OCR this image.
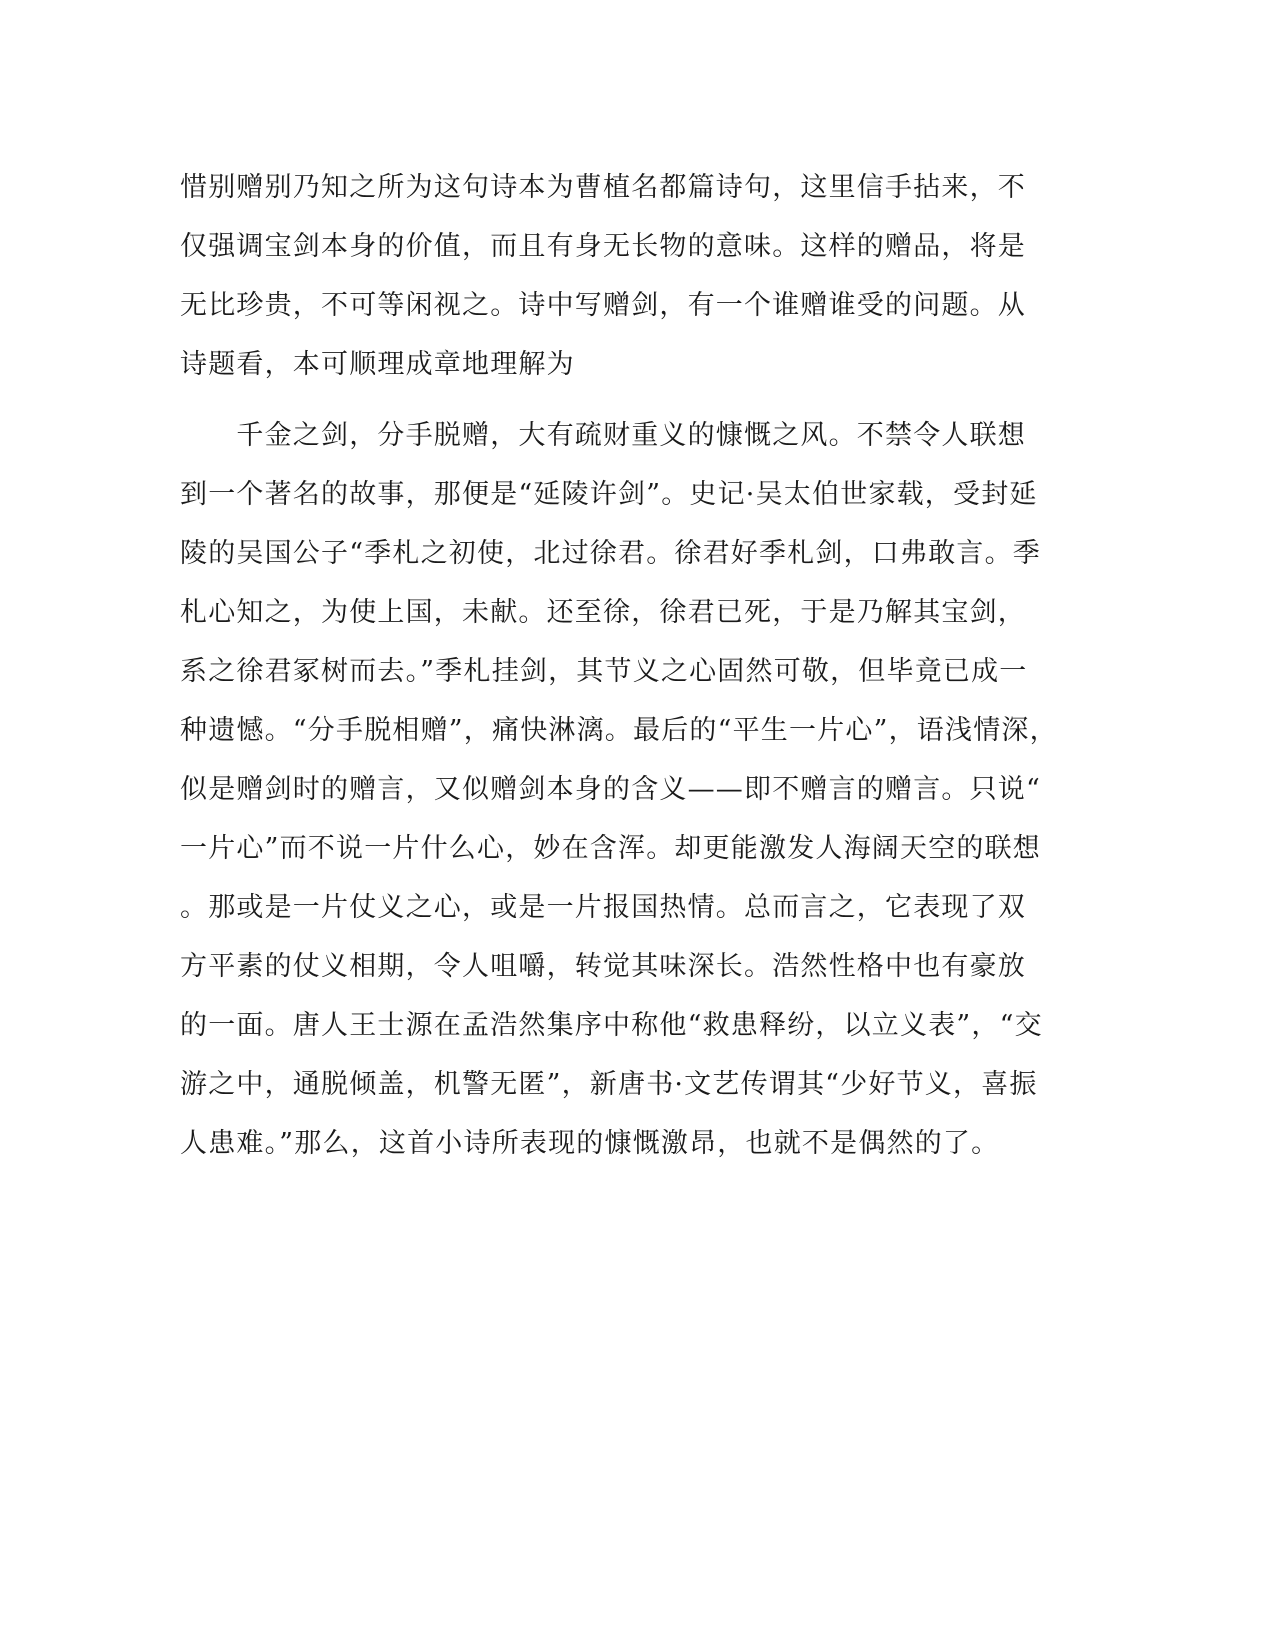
惜别赠别乃知之所为这句诗本为曹植名都篇诗句，这里信手拈来，不
仅强调宝剑本身的价值，而且有身无长物的意味。这样的赠品，将是
无比珍贵，不可等闲视之。诗中写赠剑，有一个谁赠谁受的问题。从
诗题看，本可顺理成章地理解为
　　千金之剑，分手脱赠，大有疏财重义的慷慨之风。不禁令人联想
到一个著名的故事，那便是“延陵许剑”。史记·吴太伯世家载，受封延
陵的吴国公子“季札之初使，北过徐君。徐君好季札剑，口弗敢言。季
札心知之，为使上国，未献。还至徐，徐君已死，于是乃解其宝剑，
系之徐君冢树而去。”季札挂剑，其节义之心固然可敬，但毕竟已成一
种遗憾。“分手脱相赠”，痛快淋漓。最后的“平生一片心”，语浅情深，
似是赠剑时的赠言，又似赠剑本身的含义——即不赠言的赠言。只说“
一片心”而不说一片什么心，妙在含浑。却更能激发人海阔天空的联想
。那或是一片仗义之心，或是一片报国热情。总而言之，它表现了双
方平素的仗义相期，令人咀嚼，转觉其味深长。浩然性格中也有豪放
的一面。唐人王士源在孟浩然集序中称他“救患释纷，以立义表”，“交
游之中，通脱倾盖，机警无匿”，新唐书·文艺传谓其“少好节义，喜振
人患难。”那么，这首小诗所表现的慷慨激昂，也就不是偶然的了。
